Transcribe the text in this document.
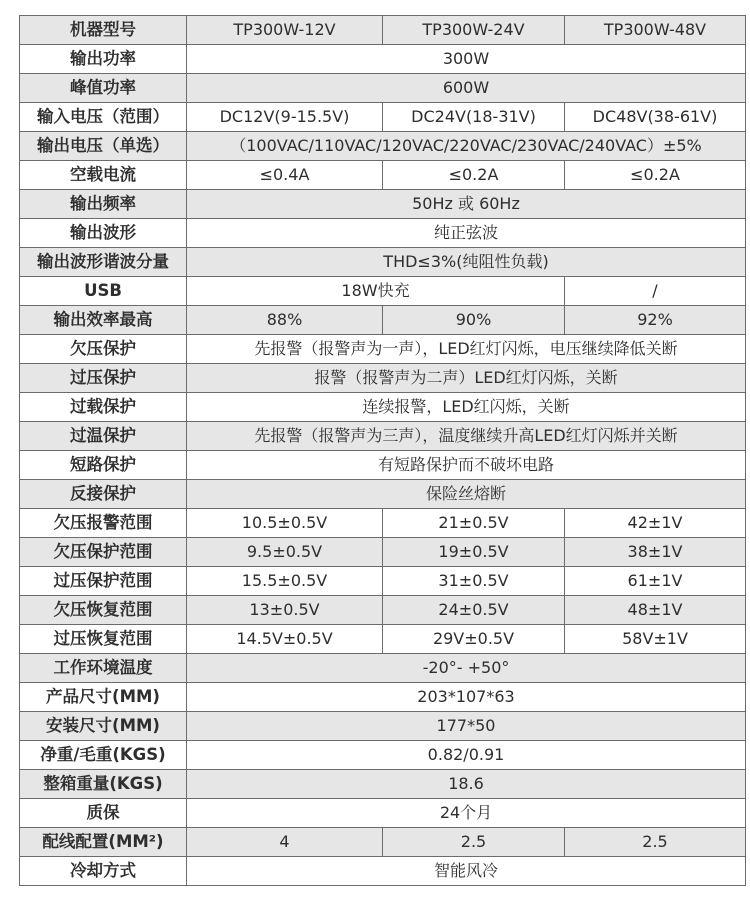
机器型号	TP300W-12V	TP300W-24V	TP300W-48V
输出功率	300W		
峰值功率	600W		
输入电压（范围）	DC12V(9-15.5V)	DC24V(18-31V)	DC48V(38-61V)
输出电压（单选）	（100VAC/110VAC/120VAC/220VAC/230VAC/240VAC）±5%		
空载电流	≤0.4A	≤0.2A	≤0.2A
输出频率	50Hz 或 60Hz		
输出波形	纯正弦波		
输出波形谐波分量	THD≤3%(纯阻性负载)		
USB	18W快充		/
输出效率最高	88%	90%	92%
欠压保护	先报警（报警声为一声），LED红灯闪烁，电压继续降低关断		
过压保护	报警（报警声为二声）LED红灯闪烁，关断		
过载保护	连续报警，LED红闪烁，关断		
过温保护	先报警（报警声为三声），温度继续升高LED红灯闪烁并关断		
短路保护	有短路保护而不破坏电路		
反接保护	保险丝熔断		
欠压报警范围	10.5±0.5V	21±0.5V	42±1V
欠压保护范围	9.5±0.5V	19±0.5V	38±1V
过压保护范围	15.5±0.5V	31±0.5V	61±1V
欠压恢复范围	13±0.5V	24±0.5V	48±1V
过压恢复范围	14.5V±0.5V	29V±0.5V	58V±1V
工作环境温度	-20°- +50°		
产品尺寸(MM)	203*107*63		
安装尺寸(MM)	177*50		
净重/毛重(KGS)	0.82/0.91		
整箱重量(KGS)	18.6		
质保	24个月		
配线配置(MM²)	4	2.5	2.5
冷却方式	智能风冷		
